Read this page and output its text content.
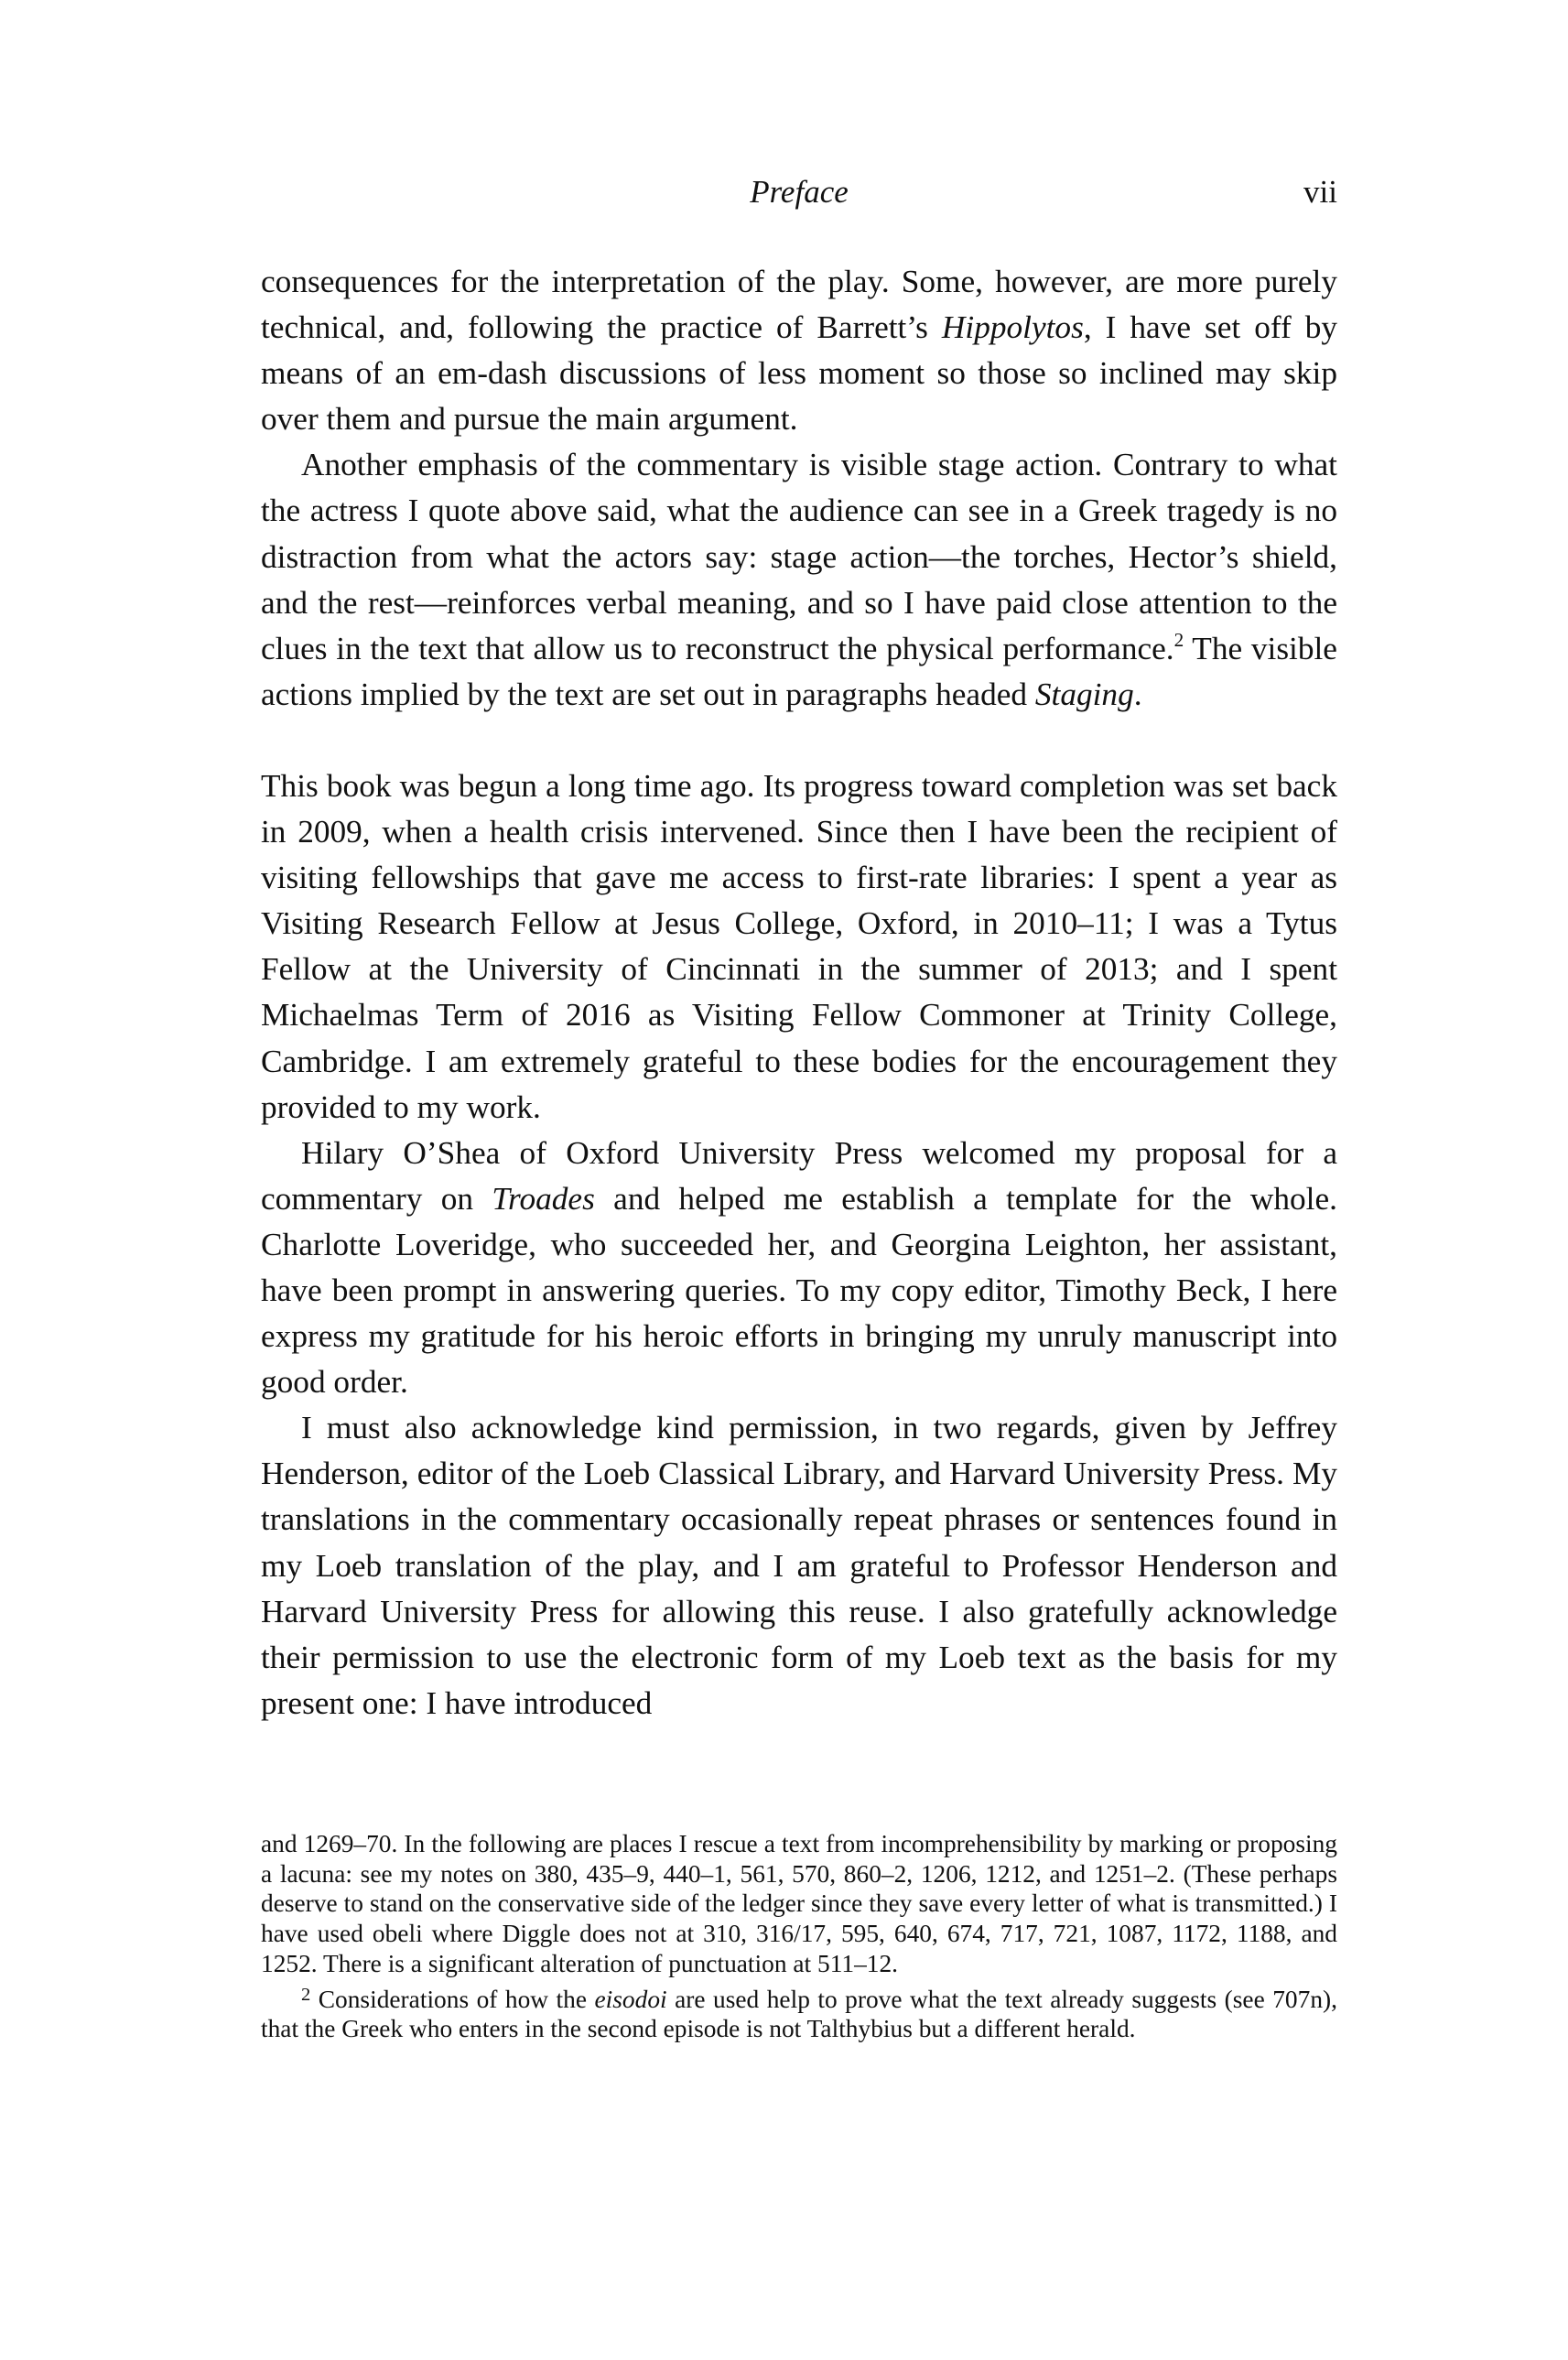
Preface	vii

consequences for the interpretation of the play. Some, however, are more purely technical, and, following the practice of Barrett’s Hippolytos, I have set off by means of an em-dash discussions of less moment so those so inclined may skip over them and pursue the main argument.

Another emphasis of the commentary is visible stage action. Contrary to what the actress I quote above said, what the audience can see in a Greek tragedy is no distraction from what the actors say: stage action—the torches, Hector’s shield, and the rest—reinforces verbal meaning, and so I have paid close attention to the clues in the text that allow us to reconstruct the physical performance.$^2$ The visible actions implied by the text are set out in paragraphs headed Staging.

This book was begun a long time ago. Its progress toward completion was set back in 2009, when a health crisis intervened. Since then I have been the recipient of visiting fellowships that gave me access to first-rate libraries: I spent a year as Visiting Research Fellow at Jesus College, Oxford, in 2010–11; I was a Tytus Fellow at the University of Cincinnati in the summer of 2013; and I spent Michaelmas Term of 2016 as Visiting Fellow Commoner at Trinity College, Cambridge. I am extremely grateful to these bodies for the encouragement they provided to my work.

Hilary O’Shea of Oxford University Press welcomed my proposal for a commentary on Troades and helped me establish a template for the whole. Charlotte Loveridge, who succeeded her, and Georgina Leighton, her assistant, have been prompt in answering queries. To my copy editor, Timothy Beck, I here express my gratitude for his heroic efforts in bringing my unruly manuscript into good order.

I must also acknowledge kind permission, in two regards, given by Jeffrey Henderson, editor of the Loeb Classical Library, and Harvard University Press. My translations in the commentary occasionally repeat phrases or sentences found in my Loeb translation of the play, and I am grateful to Professor Henderson and Harvard University Press for allowing this reuse. I also gratefully acknowledge their permission to use the electronic form of my Loeb text as the basis for my present one: I have introduced

and 1269–70. In the following are places I rescue a text from incomprehensibility by marking or proposing a lacuna: see my notes on 380, 435–9, 440–1, 561, 570, 860–2, 1206, 1212, and 1251–2. (These perhaps deserve to stand on the conservative side of the ledger since they save every letter of what is transmitted.) I have used obeli where Diggle does not at 310, 316/17, 595, 640, 674, 717, 721, 1087, 1172, 1188, and 1252. There is a significant alteration of punctuation at 511–12.

$^2$ Considerations of how the eisodoi are used help to prove what the text already suggests (see 707n), that the Greek who enters in the second episode is not Talthybius but a different herald.
